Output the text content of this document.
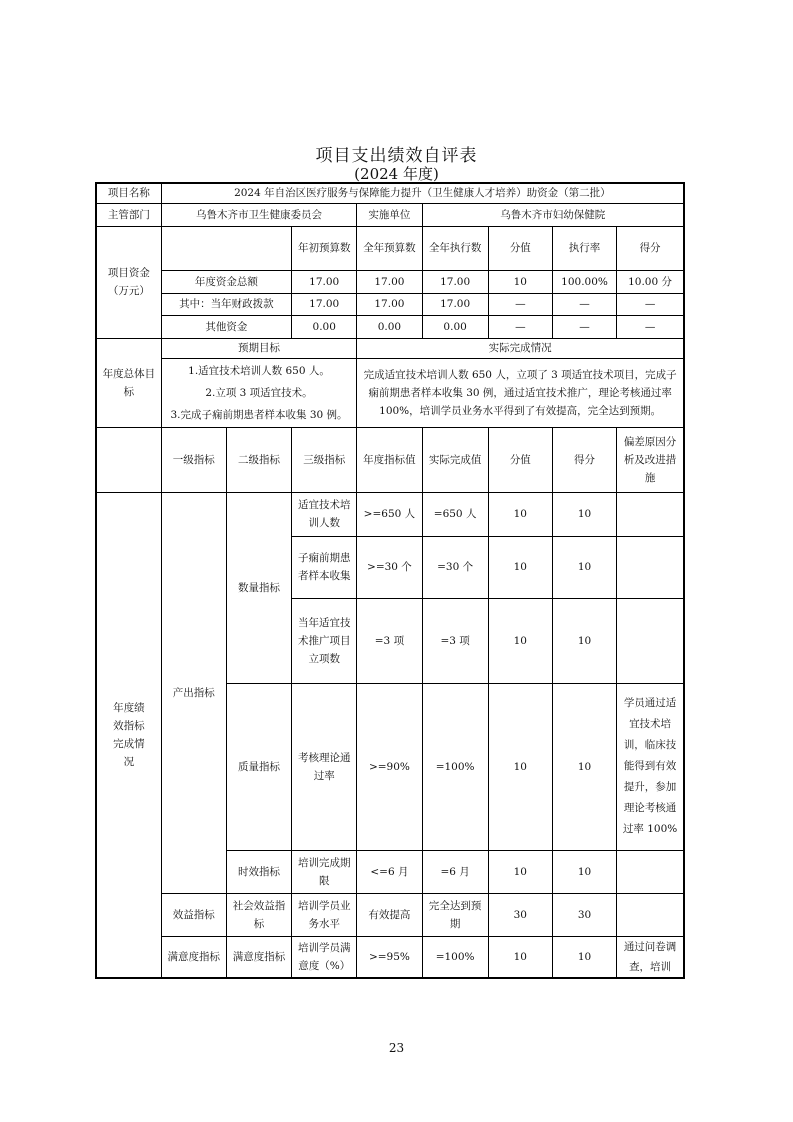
项目支出绩效自评表
(2024 年度)
项目名称	2024 年自治区医疗服务与保障能力提升（卫生健康人才培养）助资金（第二批）							
主管部门	乌鲁木齐市卫生健康委员会			实施单位	乌鲁木齐市妇幼保健院			
项目资金（万元）			年初预算数	全年预算数	全年执行数	分值	执行率	得分
	年度资金总额		17.00	17.00	17.00	10	100.00%	10.00 分
	其中：当年财政拨款		17.00	17.00	17.00	—	—	—
	其他资金		0.00	0.00	0.00	—	—	—
年度总体目标	预期目标			实际完成情况				

	1.适宜技术培训人数 650 人。
2.立项 3 项适宜技术。
3.完成子痫前期患者样本收集 30 例。			完成适宜技术培训人数 650 人，立项了 3 项适宜技术项目，完成子痫前期患者样本收集 30 例，通过适宜技术推广，理论考核通过率 100%，培训学员业务水平得到了有效提高，完全达到预期。				
	一级指标	二级指标	三级指标	年度指标值	实际完成值	分值	得分	偏差原因分析及改进措施
年度绩效指标完成情况	产出指标	数量指标	适宜技术培训人数	>=650 人	=650 人	10	10	
			子痫前期患者样本收集	>=30 个	=30 个	10	10	
			当年适宜技术推广项目立项数	=3 项	=3 项	10	10	
		质量指标	考核理论通过率	>=90%	=100%	10	10	学员通过适宜技术培训，临床技能得到有效提升，参加理论考核通过率 100%
		时效指标	培训完成期限	<=6 月	=6 月	10	10	
	效益指标	社会效益指标	培训学员业务水平	有效提高	完全达到预期	30	30	
	满意度指标	满意度指标	培训学员满意度（%）	>=95%	=100%	10	10	通过问卷调查，培训
23
